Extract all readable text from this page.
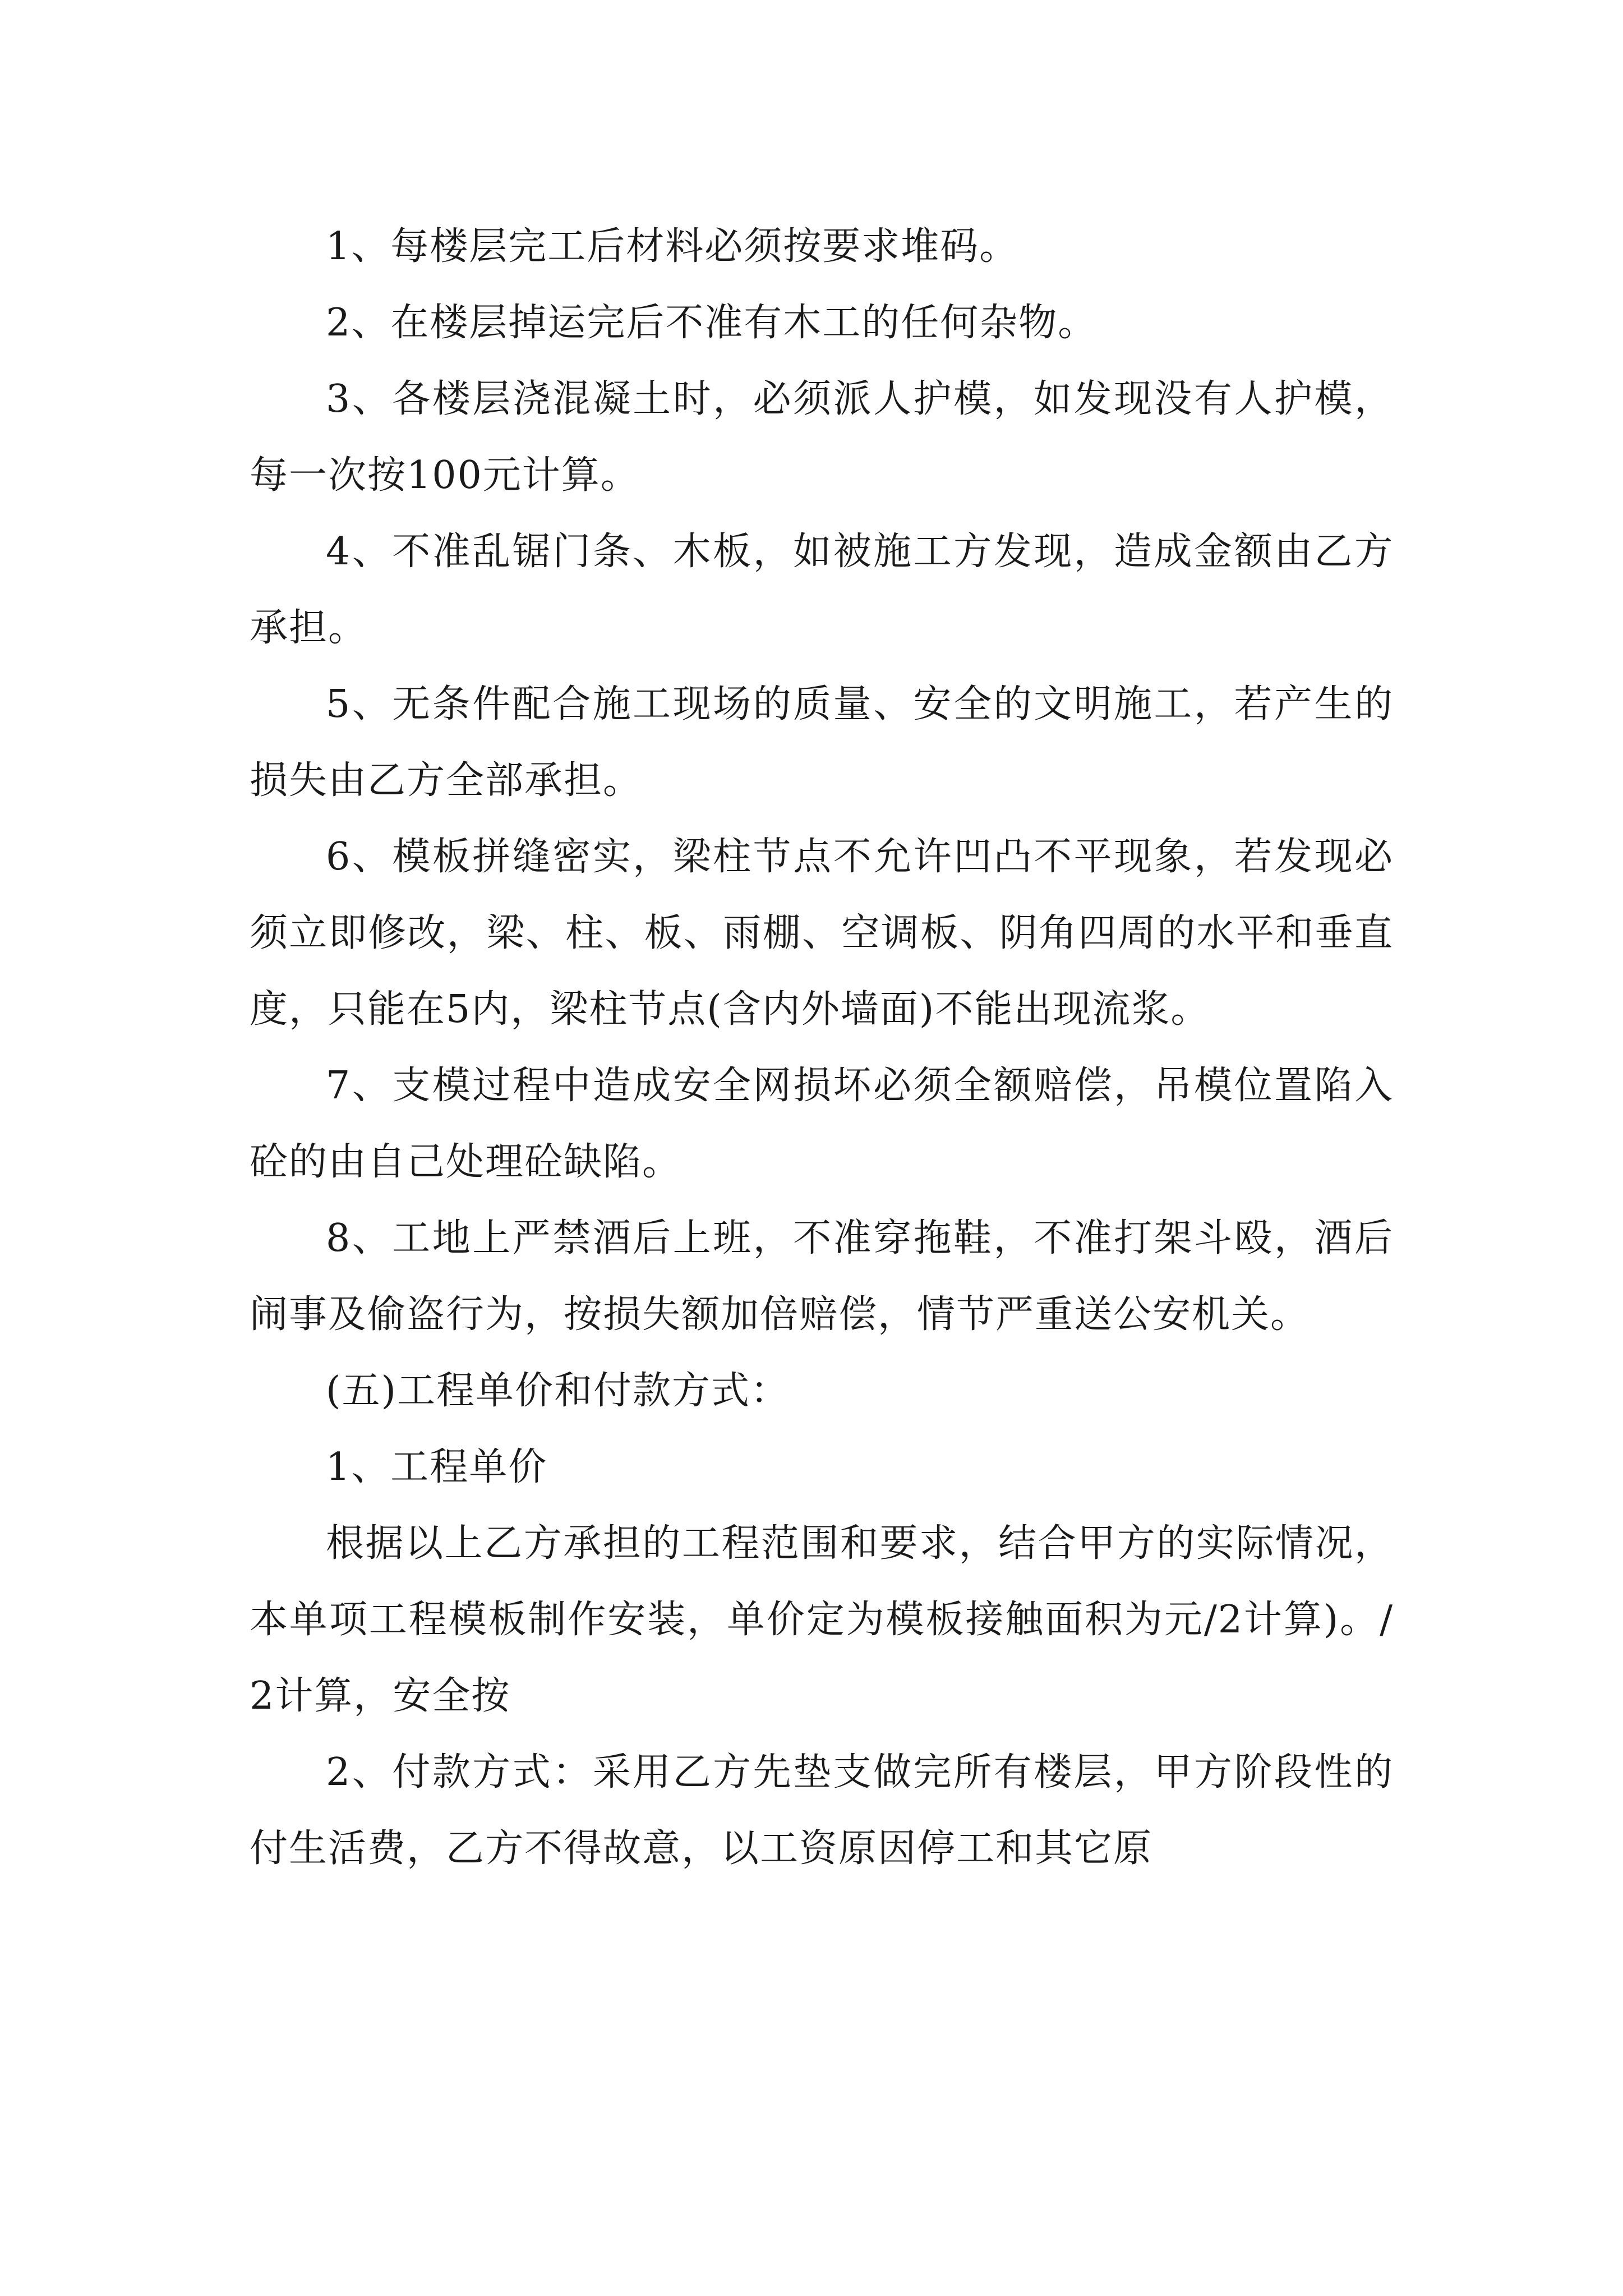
1、每楼层完工后材料必须按要求堆码。

2、在楼层掉运完后不准有木工的任何杂物。

3、各楼层浇混凝土时，必须派人护模，如发现没有人护模，每一次按100元计算。

4、不准乱锯门条、木板，如被施工方发现，造成金额由乙方承担。

5、无条件配合施工现场的质量、安全的文明施工，若产生的损失由乙方全部承担。

6、模板拼缝密实，梁柱节点不允许凹凸不平现象，若发现必须立即修改，梁、柱、板、雨棚、空调板、阴角四周的水平和垂直度，只能在5内，梁柱节点(含内外墙面)不能出现流浆。

7、支模过程中造成安全网损坏必须全额赔偿，吊模位置陷入砼的由自己处理砼缺陷。

8、工地上严禁酒后上班，不准穿拖鞋，不准打架斗殴，酒后闹事及偷盗行为，按损失额加倍赔偿，情节严重送公安机关。

(五)工程单价和付款方式：

1、工程单价

根据以上乙方承担的工程范围和要求，结合甲方的实际情况，本单项工程模板制作安装，单价定为模板接触面积为元/2计算)。/2计算，安全按

2、付款方式：采用乙方先垫支做完所有楼层，甲方阶段性的付生活费，乙方不得故意，以工资原因停工和其它原
